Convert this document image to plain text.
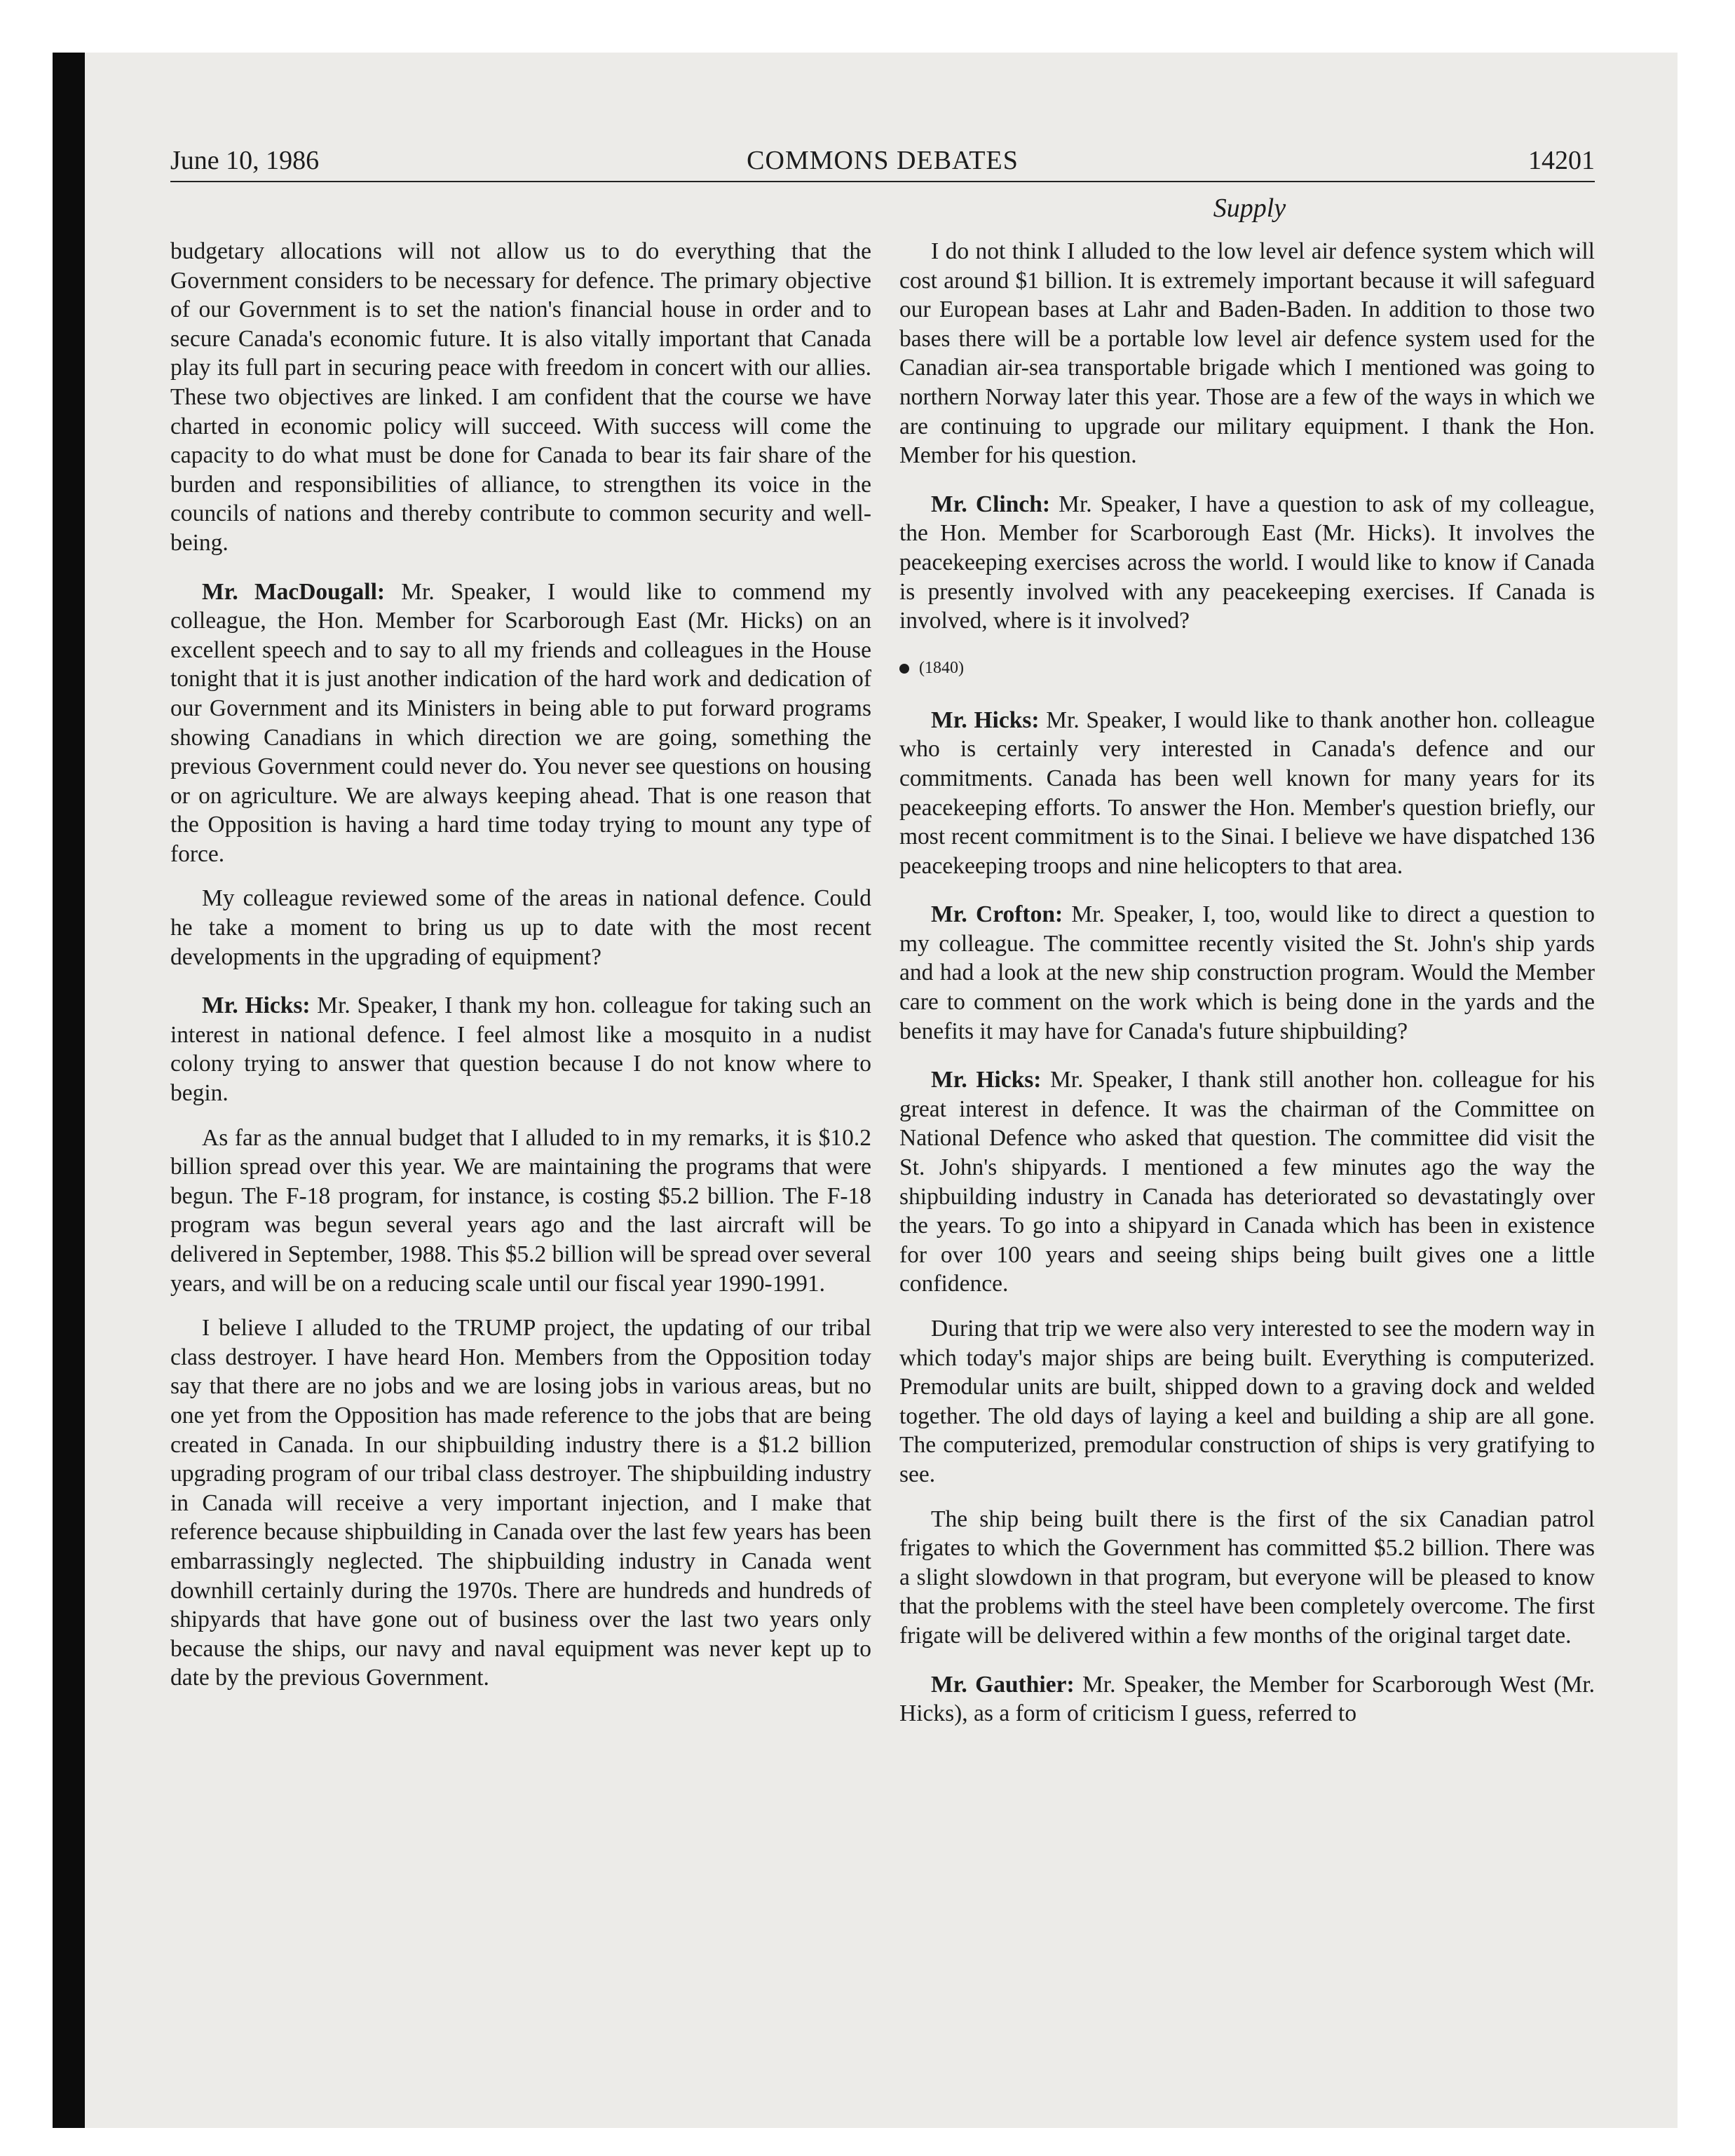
June 10, 1986	COMMONS DEBATES	14201
Supply

budgetary allocations will not allow us to do everything that the Government considers to be necessary for defence. The primary objective of our Government is to set the nation's financial house in order and to secure Canada's economic future. It is also vitally important that Canada play its full part in securing peace with freedom in concert with our allies. These two objectives are linked. I am confident that the course we have charted in economic policy will succeed. With success will come the capacity to do what must be done for Canada to bear its fair share of the burden and responsibilities of alliance, to strengthen its voice in the councils of nations and thereby contribute to common security and well-being.

Mr. MacDougall: Mr. Speaker, I would like to commend my colleague, the Hon. Member for Scarborough East (Mr. Hicks) on an excellent speech and to say to all my friends and colleagues in the House tonight that it is just another indication of the hard work and dedication of our Government and its Ministers in being able to put forward programs showing Canadians in which direction we are going, something the previous Government could never do. You never see questions on housing or on agriculture. We are always keeping ahead. That is one reason that the Opposition is having a hard time today trying to mount any type of force.

My colleague reviewed some of the areas in national defence. Could he take a moment to bring us up to date with the most recent developments in the upgrading of equipment?

Mr. Hicks: Mr. Speaker, I thank my hon. colleague for taking such an interest in national defence. I feel almost like a mosquito in a nudist colony trying to answer that question because I do not know where to begin.

As far as the annual budget that I alluded to in my remarks, it is $10.2 billion spread over this year. We are maintaining the programs that were begun. The F-18 program, for instance, is costing $5.2 billion. The F-18 program was begun several years ago and the last aircraft will be delivered in September, 1988. This $5.2 billion will be spread over several years, and will be on a reducing scale until our fiscal year 1990-1991.

I believe I alluded to the TRUMP project, the updating of our tribal class destroyer. I have heard Hon. Members from the Opposition today say that there are no jobs and we are losing jobs in various areas, but no one yet from the Opposition has made reference to the jobs that are being created in Canada. In our shipbuilding industry there is a $1.2 billion upgrading program of our tribal class destroyer. The shipbuilding industry in Canada will receive a very important injection, and I make that reference because shipbuilding in Canada over the last few years has been embarrassingly neglected. The shipbuilding industry in Canada went downhill certainly during the 1970s. There are hundreds and hundreds of shipyards that have gone out of business over the last two years only because the ships, our navy and naval equipment was never kept up to date by the previous Government.

I do not think I alluded to the low level air defence system which will cost around $1 billion. It is extremely important because it will safeguard our European bases at Lahr and Baden-Baden. In addition to those two bases there will be a portable low level air defence system used for the Canadian air-sea transportable brigade which I mentioned was going to northern Norway later this year. Those are a few of the ways in which we are continuing to upgrade our military equipment. I thank the Hon. Member for his question.

Mr. Clinch: Mr. Speaker, I have a question to ask of my colleague, the Hon. Member for Scarborough East (Mr. Hicks). It involves the peacekeeping exercises across the world. I would like to know if Canada is presently involved with any peacekeeping exercises. If Canada is involved, where is it involved?

(1840)

Mr. Hicks: Mr. Speaker, I would like to thank another hon. colleague who is certainly very interested in Canada's defence and our commitments. Canada has been well known for many years for its peacekeeping efforts. To answer the Hon. Member's question briefly, our most recent commitment is to the Sinai. I believe we have dispatched 136 peacekeeping troops and nine helicopters to that area.

Mr. Crofton: Mr. Speaker, I, too, would like to direct a question to my colleague. The committee recently visited the St. John's ship yards and had a look at the new ship construction program. Would the Member care to comment on the work which is being done in the yards and the benefits it may have for Canada's future shipbuilding?

Mr. Hicks: Mr. Speaker, I thank still another hon. colleague for his great interest in defence. It was the chairman of the Committee on National Defence who asked that question. The committee did visit the St. John's shipyards. I mentioned a few minutes ago the way the shipbuilding industry in Canada has deteriorated so devastatingly over the years. To go into a shipyard in Canada which has been in existence for over 100 years and seeing ships being built gives one a little confidence.

During that trip we were also very interested to see the modern way in which today's major ships are being built. Everything is computerized. Premodular units are built, shipped down to a graving dock and welded together. The old days of laying a keel and building a ship are all gone. The computerized, premodular construction of ships is very gratifying to see.

The ship being built there is the first of the six Canadian patrol frigates to which the Government has committed $5.2 billion. There was a slight slowdown in that program, but everyone will be pleased to know that the problems with the steel have been completely overcome. The first frigate will be delivered within a few months of the original target date.

Mr. Gauthier: Mr. Speaker, the Member for Scarborough West (Mr. Hicks), as a form of criticism I guess, referred to
